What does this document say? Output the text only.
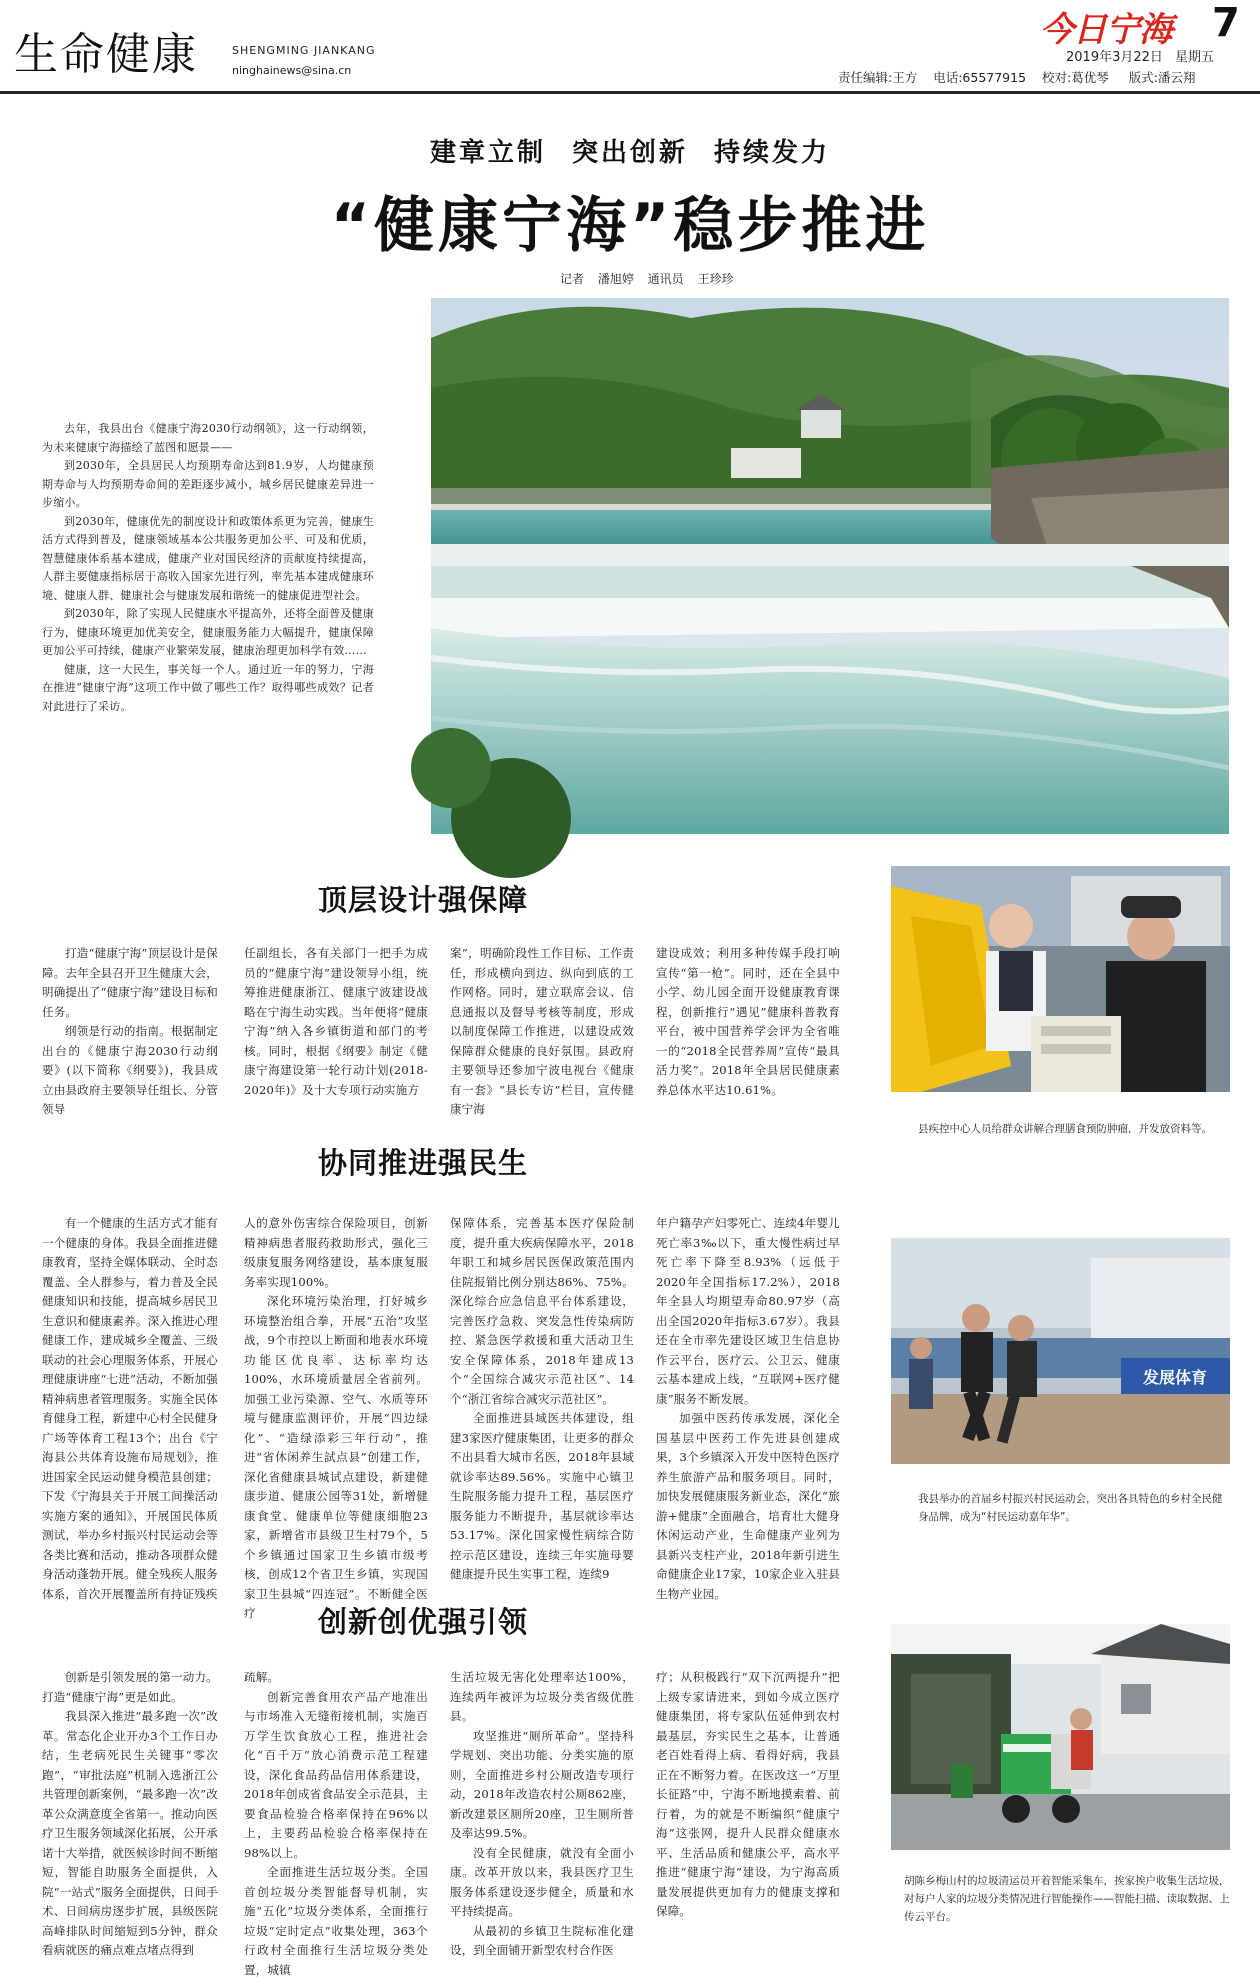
生命健康	SHENGMING JIANKANG
ninghainews@sina.cn
今日宁海 7
2019年3月22日 星期五
责任编辑:王方 电话:65577915 校对:葛优琴 版式:潘云翔
建章立制 突出创新 持续发力
“健康宁海”稳步推进
记者 潘旭婷 通讯员 王珍珍

去年，我县出台《健康宁海2030行动纲领》，这一行动纲领，为未来健康宁海描绘了蓝图和愿景——

到2030年，全县居民人均预期寿命达到81.9岁，人均健康预期寿命与人均预期寿命间的差距逐步减小，城乡居民健康差异进一步缩小。

到2030年，健康优先的制度设计和政策体系更为完善，健康生活方式得到普及，健康领域基本公共服务更加公平、可及和优质，智慧健康体系基本建成，健康产业对国民经济的贡献度持续提高，人群主要健康指标居于高收入国家先进行列，率先基本建成健康环境、健康人群、健康社会与健康发展和谐统一的健康促进型社会。

到2030年，除了实现人民健康水平提高外，还将全面普及健康行为，健康环境更加优美安全，健康服务能力大幅提升，健康保障更加公平可持续，健康产业繁荣发展，健康治理更加科学有效……

健康，这一大民生，事关每一个人。通过近一年的努力，宁海在推进“健康宁海”这项工作中做了哪些工作？取得哪些成效？记者对此进行了采访。

顶层设计强保障

打造“健康宁海”顶层设计是保障。去年全县召开卫生健康大会，明确提出了“健康宁海”建设目标和任务。

纲领是行动的指南。根据制定出台的《健康宁海2030行动纲要》(以下简称《纲要》)，我县成立由县政府主要领导任组长、分管领导

任副组长，各有关部门一把手为成员的“健康宁海”建设领导小组，统筹推进健康浙江、健康宁波建设战略在宁海生动实践。当年便将“健康宁海”纳入各乡镇街道和部门的考核。同时，根据《纲要》制定《健康宁海建设第一轮行动计划(2018-2020年)》及十大专项行动实施方

案”，明确阶段性工作目标、工作责任，形成横向到边、纵向到底的工作网格。同时，建立联席会议、信息通报以及督导考核等制度，形成以制度保障工作推进，以建设成效保障群众健康的良好氛围。县政府主要领导还参加宁波电视台《健康有一套》“县长专访”栏目，宣传健康宁海

建设成效；利用多种传媒手段打响宣传“第一枪”。同时，还在全县中小学、幼儿园全面开设健康教育课程，创新推行“遇见”健康科普教育平台，被中国营养学会评为全省唯一的“2018全民营养周”宣传“最具活力奖”。2018年全县居民健康素养总体水平达10.61%。

县疾控中心人员给群众讲解合理膳食预防肿瘤，并发放资料等。
协同推进强民生

有一个健康的生活方式才能有一个健康的身体。我县全面推进健康教育，坚持全媒体联动、全时态覆盖、全人群参与，着力普及全民健康知识和技能，提高城乡居民卫生意识和健康素养。深入推进心理健康工作，建成城乡全覆盖、三级联动的社会心理服务体系，开展心理健康讲座“七进”活动，不断加强精神病患者管理服务。实施全民体育健身工程，新建中心村全民健身广场等体育工程13个；出台《宁海县公共体育设施布局规划》，推进国家全民运动健身模范县创建；下发《宁海县关于开展工间操活动实施方案的通知》，开展国民体质测试，举办乡村振兴村民运动会等各类比赛和活动，推动各项群众健身活动蓬勃开展。健全残疾人服务体系，首次开展覆盖所有持证残疾

人的意外伤害综合保险项目，创新精神病患者服药救助形式，强化三级康复服务网络建设，基本康复服务率实现100%。

深化环境污染治理，打好城乡环境整治组合拳，开展“五治”攻坚战，9个市控以上断面和地表水环境功能区优良率、达标率均达100%，水环境质量居全省前列。加强工业污染源、空气、水质等环境与健康监测评价，开展“四边绿化”、“造绿添彩三年行动”，推进“省休闲养生試点县”创建工作，深化省健康县城试点建设，新建健康步道、健康公园等31处，新增健康食堂、健康单位等健康细胞23家，新增省市县级卫生村79个，5个乡镇通过国家卫生乡镇市级考核，创成12个省卫生乡镇，实现国家卫生县城“四连冠”。不断健全医疗

保障体系，完善基本医疗保险制度，提升重大疾病保障水平，2018年职工和城乡居民医保政策范围内住院报销比例分别达86%、75%。深化综合应急信息平台体系建设，完善医疗急救、突发急性传染病防控、紧急医学救援和重大活动卫生安全保障体系，2018年建成13个“全国综合减灾示范社区”、14个“浙江省综合减灾示范社区”。

全面推进县域医共体建设，组建3家医疗健康集团，让更多的群众不出县看大城市名医，2018年县域就诊率达89.56%。实施中心镇卫生院服务能力提升工程，基层医疗服务能力不断提升，基层就诊率达53.17%。深化国家慢性病综合防控示范区建设，连续三年实施母婴健康提升民生实事工程，连续9

年户籍孕产妇零死亡、连续4年婴儿死亡率3‰以下，重大慢性病过早死亡率下降至8.93%（远低于2020年全国指标17.2%），2018年全县人均期望寿命80.97岁（高出全国2020年指标3.67岁）。我县还在全市率先建设区域卫生信息协作云平台，医疗云、公卫云、健康云基本建成上线，“互联网+医疗健康”服务不断发展。

加强中医药传承发展，深化全国基层中医药工作先进县创建成果，3个乡镇深入开发中医特色医疗养生旅游产品和服务项目。同时，加快发展健康服务新业态，深化“旅游+健康”全面融合，培育壮大健身休闲运动产业，生命健康产业列为县新兴支柱产业，2018年新引进生命健康企业17家，10家企业入驻县生物产业园。

发展体育
我县举办的首届乡村振兴村民运动会，突出各具特色的乡村全民健身品牌，成为“村民运动嘉年华”。
创新创优强引领

创新是引领发展的第一动力。打造“健康宁海”更是如此。

我县深入推进“最多跑一次”改革。常态化企业开办3个工作日办结，生老病死民生关键事“零次跑”，“审批法庭”机制入选浙江公共管理创新案例，“最多跑一次”改革公众满意度全省第一。推动向医疗卫生服务领域深化拓展，公开承诺十大举措，就医候诊时间不断缩短，智能自助服务全面提供，入院“一站式”服务全面提供，日间手术、日间病房逐步扩展，县级医院高峰排队时间缩短到5分钟，群众看病就医的痛点难点堵点得到

疏解。

创新完善食用农产品产地准出与市场准入无缝衔接机制，实施百万学生饮食放心工程，推进社会化“百千万”放心消费示范工程建设，深化食品药品信用体系建设，2018年创成省食品安全示范县，主要食品检验合格率保持在96%以上，主要药品检验合格率保持在98%以上。

全面推进生活垃圾分类。全国首创垃圾分类智能督导机制，实施“五化”垃圾分类体系，全面推行垃圾“定时定点”收集处理，363个行政村全面推行生活垃圾分类处置，城镇

生活垃圾无害化处理率达100%，连续两年被评为垃圾分类省级优胜县。

攻坚推进“厕所革命”。坚持科学规划、突出功能、分类实施的原则，全面推进乡村公厕改造专项行动，2018年改造农村公厕862座，新改建景区厕所20座，卫生厕所普及率达99.5%。

没有全民健康，就没有全面小康。改革开放以来，我县医疗卫生服务体系建设逐步健全，质量和水平持续提高。

从最初的乡镇卫生院标准化建设，到全面铺开新型农村合作医

疗；从积极践行“双下沉两提升”把上级专家请进来，到如今成立医疗健康集团，将专家队伍延伸到农村最基层，夯实民生之基本，让普通老百姓看得上病、看得好病，我县正在不断努力着。在医改这一“万里长征路”中，宁海不断地摸索着、前行着，为的就是不断编织“健康宁海”这张网，提升人民群众健康水平、生活品质和健康公平，高水平推进“健康宁海”建设，为宁海高质量发展提供更加有力的健康支撑和保障。

胡陈乡梅山村的垃圾清运员开着智能采集车，挨家挨户收集生活垃圾，对每户人家的垃圾分类情况进行智能操作——智能扫描、读取数据、上传云平台。
